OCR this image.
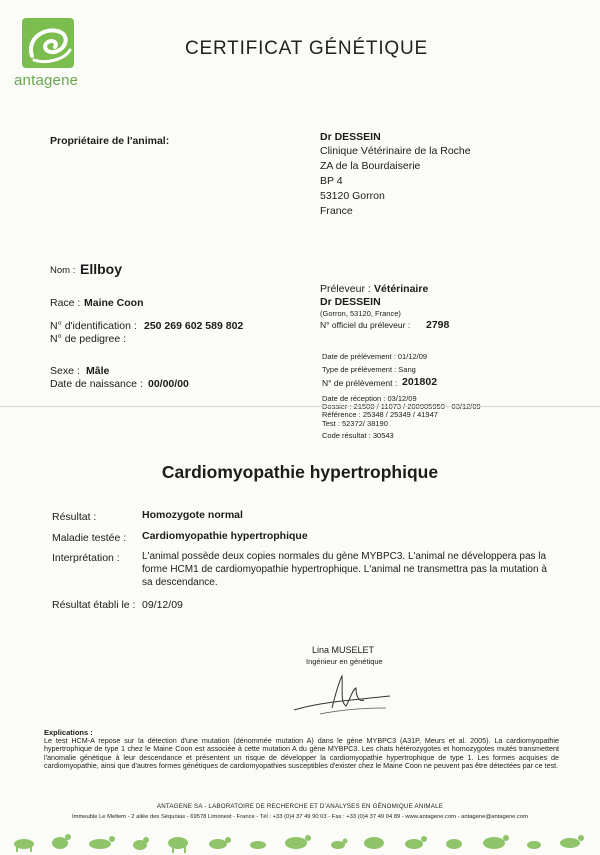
antagene
CERTIFICAT GÉNÉTIQUE
Propriétaire de l'animal:	Dr DESSEIN
Clinique Vétérinaire de la Roche
ZA de la Bourdaiserie
BP 4
53120 Gorron
France
Nom : Ellboy
Race : Maine Coon
N° d'identification : 250 269 602 589 802
N° de pedigree :
Sexe : Mâle
Date de naissance : 00/00/00
Préleveur : Vétérinaire
Dr DESSEIN
(Gorron, 53120, France)
N° officiel du préleveur : 2798
Date de prélèvement : 01/12/09
Type de prélèvement : Sang
N° de prélèvement : 201802
Date de réception : 03/12/09
Référence : 25348 / 25349 / 41947
Test : 52372/ 38190
Code résultat : 30543
Cardiomyopathie hypertrophique
Résultat :	Homozygote normal
Maladie testée : Cardiomyopathie hypertrophique
Interprétation : L'animal possède deux copies normales du gène MYBPC3. L'animal ne développera pas la forme HCM1 de cardiomyopathie hypertrophique. L'animal ne transmettra pas la mutation à sa descendance.
Résultat établi le : 09/12/09
Lina MUSELET
Ingénieur en génétique
Explications :
Le test HCM-A repose sur la détection d'une mutation (dénommée mutation A) dans le gène MYBPC3 (A31P, Meurs et al. 2005). La cardiomyopathie hypertrophique de type 1 chez le Maine Coon est associée à cette mutation A du gène MYBPC3. Les chats hétérozygotes et homozygotes mutés transmettent l'anomalie génétique à leur descendance et présentent un risque de développer la cardiomyopathie hypertrophique de type 1. Les formes acquises de cardiomyopathie, ainsi que d'autres formes génétiques de cardiomyopathies susceptibles d'exister chez le Maine Coon ne peuvent pas être détectées par ce test.
ANTAGENE SA - LABORATOIRE DE RECHERCHE ET D'ANALYSES EN GÉNOMIQUE ANIMALE
Immeuble Le Meltem - 2 allée des Séquoias - 69578 Limonest - France - Tél : +33 (0)4 37 49 90 03 - Fax : +33 (0)4 37 49 04 89 - www.antagene.com - antagene@antagene.com
